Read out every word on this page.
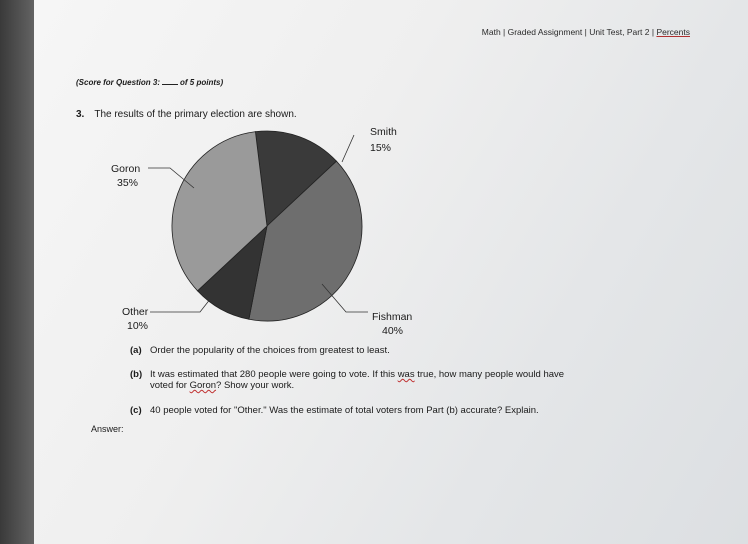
Math | Graded Assignment | Unit Test, Part 2 | Percents
(Score for Question 3:	of 5 points)
3. The results of the primary election are shown.
Smith
15%
Fishman
40%
Other
10%
Goron
35%
(a) Order the popularity of the choices from greatest to least.
(b) It was estimated that 280 people were going to vote. If this was true, how many people would have
voted for Goron? Show your work.
(c) 40 people voted for "Other." Was the estimate of total voters from Part (b) accurate? Explain.
Answer:
